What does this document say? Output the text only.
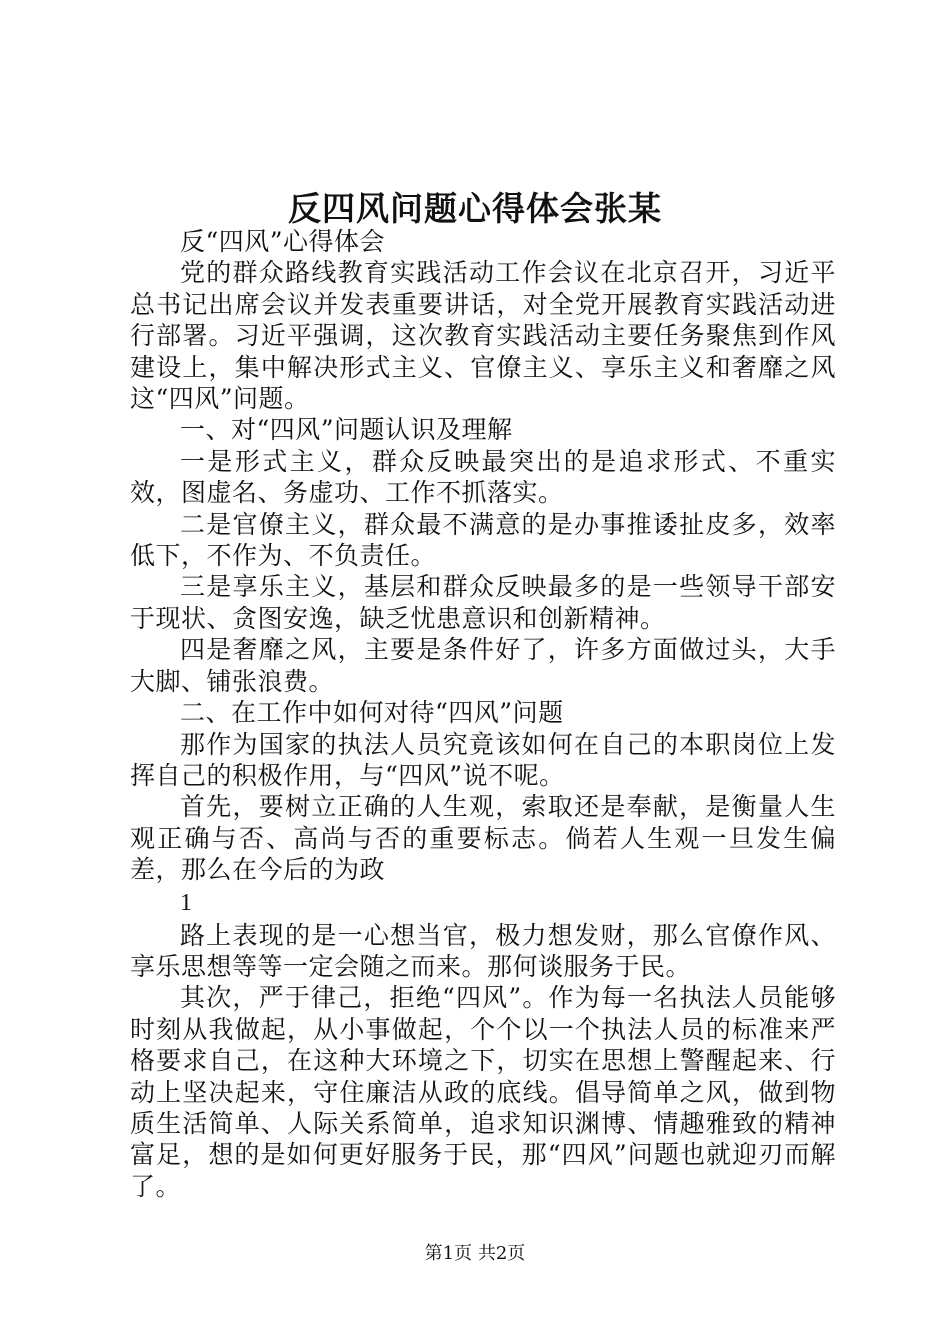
反四风问题心得体会张某

反“四风”心得体会

党的群众路线教育实践活动工作会议在北京召开，习近平总书记出席会议并发表重要讲话，对全党开展教育实践活动进行部署。习近平强调，这次教育实践活动主要任务聚焦到作风建设上，集中解决形式主义、官僚主义、享乐主义和奢靡之风这“四风”问题。

一、对“四风”问题认识及理解

一是形式主义，群众反映最突出的是追求形式、不重实效，图虚名、务虚功、工作不抓落实。

二是官僚主义，群众最不满意的是办事推诿扯皮多，效率低下，不作为、不负责任。

三是享乐主义，基层和群众反映最多的是一些领导干部安于现状、贪图安逸，缺乏忧患意识和创新精神。

四是奢靡之风，主要是条件好了，许多方面做过头，大手大脚、铺张浪费。

二、在工作中如何对待“四风”问题

那作为国家的执法人员究竟该如何在自己的本职岗位上发挥自己的积极作用，与“四风”说不呢。

首先，要树立正确的人生观，索取还是奉献，是衡量人生观正确与否、高尚与否的重要标志。倘若人生观一旦发生偏差，那么在今后的为政

1

路上表现的是一心想当官，极力想发财，那么官僚作风、享乐思想等等一定会随之而来。那何谈服务于民。

其次，严于律己，拒绝“四风”。作为每一名执法人员能够时刻从我做起，从小事做起，个个以一个执法人员的标准来严格要求自己，在这种大环境之下，切实在思想上警醒起来、行动上坚决起来，守住廉洁从政的底线。倡导简单之风，做到物质生活简单、人际关系简单，追求知识渊博、情趣雅致的精神富足，想的是如何更好服务于民，那“四风”问题也就迎刃而解了。

第1页 共2页
